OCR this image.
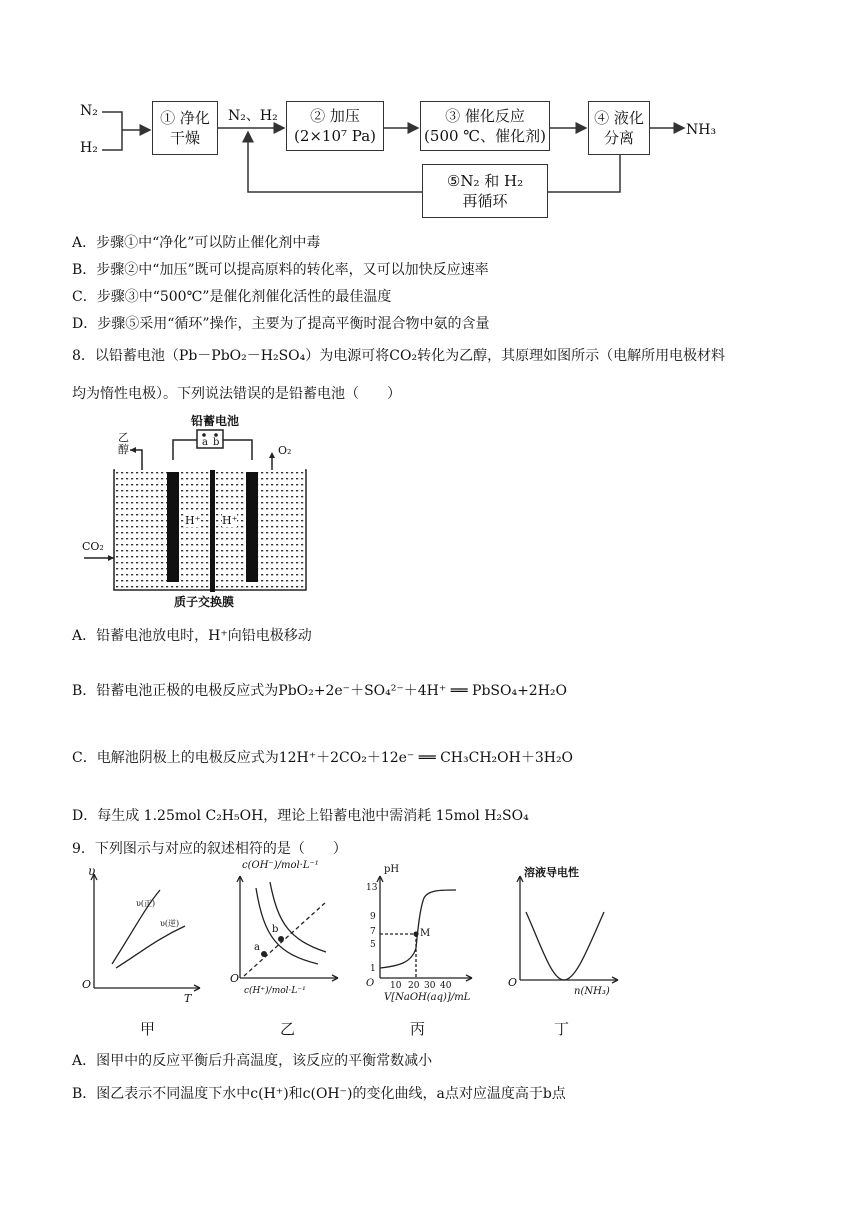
N₂
H₂
① 净化
干燥
N₂、H₂	② 加压
(2×10⁷ Pa)
③ 催化反应
(500 ℃、催化剂)
④ 液化
分离	NH₃
⑤N₂ 和 H₂
再循环
A．步骤①中“净化”可以防止催化剂中毒
B．步骤②中“加压”既可以提高原料的转化率，又可以加快反应速率
C．步骤③中“500℃”是催化剂催化活性的最佳温度
D．步骤⑤采用“循环”操作，主要为了提高平衡时混合物中氨的含量
8．以铅蓄电池（Pb－PbO₂－H₂SO₄）为电源可将CO₂转化为乙醇，其原理如图所示（电解所用电极材料
均为惰性电极）。下列说法错误的是铅蓄电池（　　）
铅蓄电池
a b
乙
醇	O₂
CO₂
H⁺ H⁺
质子交换膜
A．铅蓄电池放电时，H⁺向铅电极移动
B．铅蓄电池正极的电极反应式为PbO₂+2e⁻＋SO₄²⁻＋4H⁺ ══ PbSO₄+2H₂O
C．电解池阴极上的电极反应式为12H⁺＋2CO₂＋12e⁻ ══ CH₃CH₂OH＋3H₂O
D．每生成 1.25mol C₂H₅OH，理论上铅蓄电池中需消耗 15mol H₂SO₄
9．下列图示与对应的叙述相符的是（　　）
υ
υ(正)
υ(逆)
O
T
甲
c(OH⁻)/mol·L⁻¹
a
b
O
c(H⁺)/mol·L⁻¹
乙
pH
13
9
7
5
1
M
O 10 20 30 40
V[NaOH(aq)]/mL
丙
溶液导电性
O
n(NH₃)
丁
A．图甲中的反应平衡后升高温度，该反应的平衡常数减小
B．图乙表示不同温度下水中c(H⁺)和c(OH⁻)的变化曲线，a点对应温度高于b点
